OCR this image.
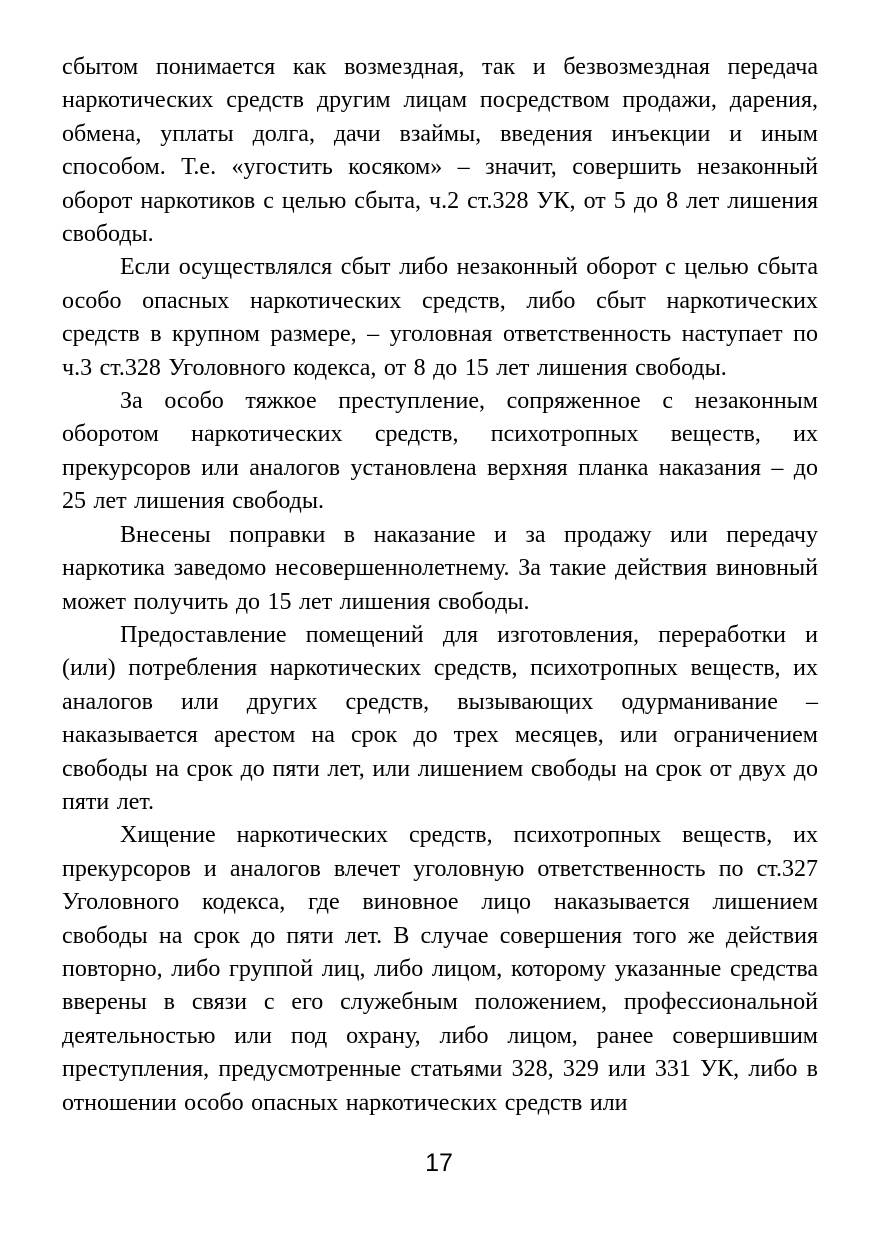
сбытом понимается как возмездная, так и безвозмездная передача наркотических средств другим лицам посредством продажи, дарения, обмена, уплаты долга, дачи взаймы, введения инъекции и иным способом. Т.е. «угостить косяком» – значит, совершить незаконный оборот наркотиков с целью сбыта, ч.2 ст.328 УК, от 5 до 8 лет лишения свободы.

Если осуществлялся сбыт либо незаконный оборот с целью сбыта особо опасных наркотических средств, либо сбыт наркотических средств в крупном размере, – уголовная ответственность наступает по ч.3 ст.328 Уголовного кодекса, от 8 до 15 лет лишения свободы.

За особо тяжкое преступление, сопряженное с незаконным оборотом наркотических средств, психотропных веществ, их прекурсоров или аналогов установлена верхняя планка наказания – до 25 лет лишения свободы.

Внесены поправки в наказание и за продажу или передачу наркотика заведомо несовершеннолетнему. За такие действия виновный может получить до 15 лет лишения свободы.

Предоставление помещений для изготовления, переработки и (или) потребления наркотических средств, психотропных веществ, их аналогов или других средств, вызывающих одурманивание – наказывается арестом на срок до трех месяцев, или ограничением свободы на срок до пяти лет, или лишением свободы на срок от двух до пяти лет.

Хищение наркотических средств, психотропных веществ, их прекурсоров и аналогов влечет уголовную ответственность по ст.327 Уголовного кодекса, где виновное лицо наказывается лишением свободы на срок до пяти лет. В случае совершения того же действия повторно, либо группой лиц, либо лицом, которому указанные средства вверены в связи с его служебным положением, профессиональной деятельностью или под охрану, либо лицом, ранее совершившим преступления, предусмотренные статьями 328, 329 или 331 УК, либо в отношении особо опасных наркотических средств или

17
